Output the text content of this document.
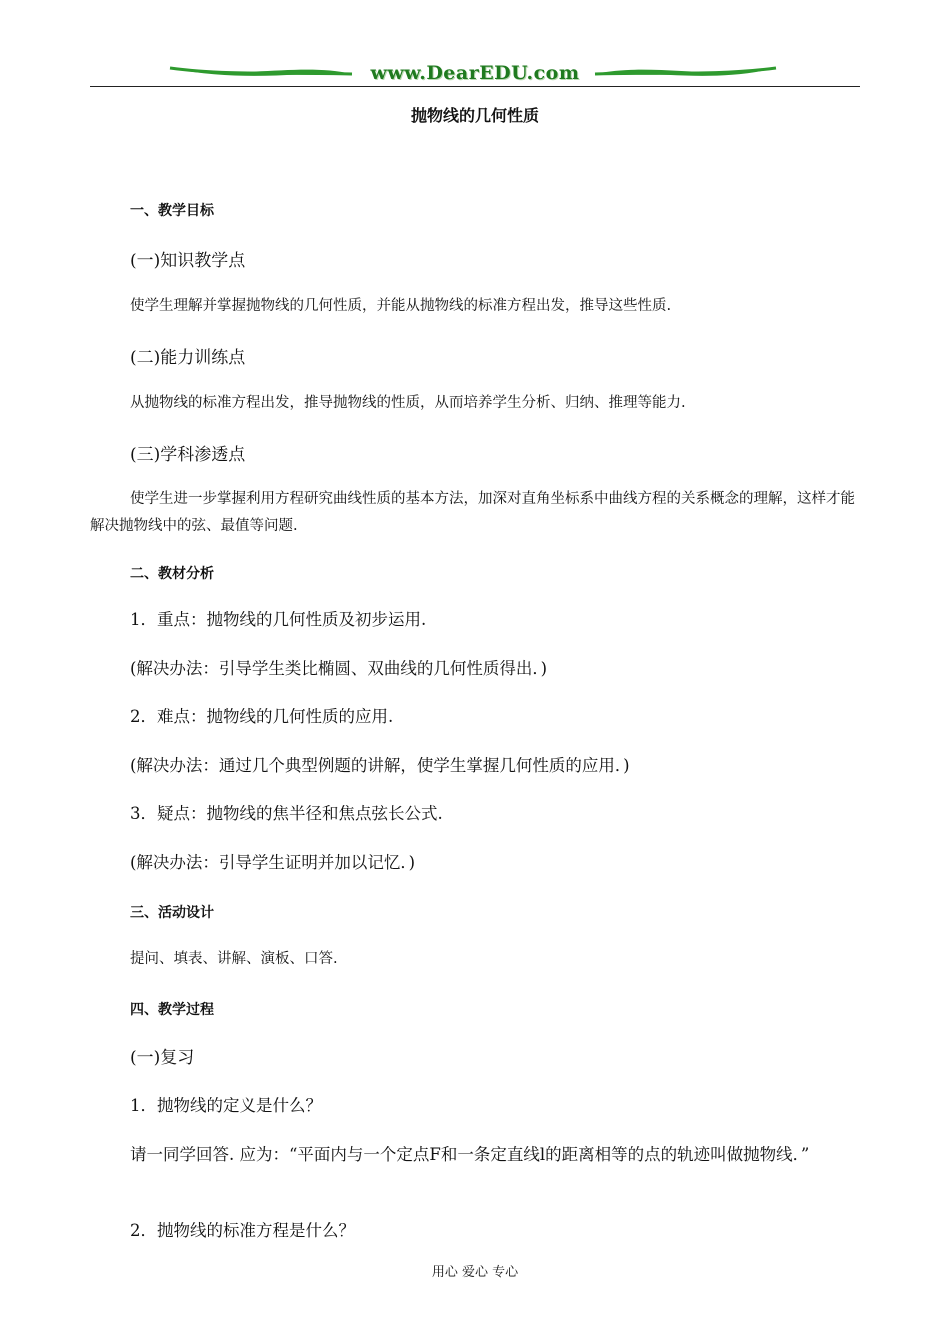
www.DearEDU.com
抛物线的几何性质

一、教学目标

(一)知识教学点

使学生理解并掌握抛物线的几何性质，并能从抛物线的标准方程出发，推导这些性质.

(二)能力训练点

从抛物线的标准方程出发，推导抛物线的性质，从而培养学生分析、归纳、推理等能力.

(三)学科渗透点

使学生进一步掌握利用方程研究曲线性质的基本方法，加深对直角坐标系中曲线方程的关系概念的理解，这样才能解决抛物线中的弦、最值等问题.

二、教材分析

1．重点：抛物线的几何性质及初步运用.

(解决办法：引导学生类比椭圆、双曲线的几何性质得出．)

2．难点：抛物线的几何性质的应用.

(解决办法：通过几个典型例题的讲解，使学生掌握几何性质的应用．)

3．疑点：抛物线的焦半径和焦点弦长公式.

(解决办法：引导学生证明并加以记忆．)

三、活动设计

提问、填表、讲解、演板、口答.

四、教学过程

(一)复习

1．抛物线的定义是什么？

请一同学回答. 应为：“平面内与一个定点F和一条定直线l的距离相等的点的轨迹叫做抛物线．”

2．抛物线的标准方程是什么？

用心 爱心 专心
